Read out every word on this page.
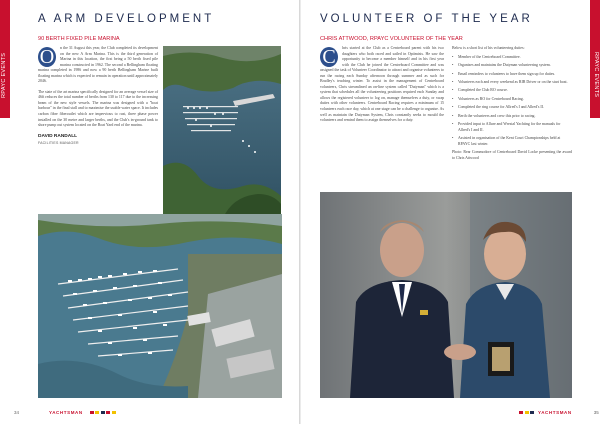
RPAYC EVENTS
A ARM DEVELOPMENT
90 BERTH FIXED PILE MARINA
O	n the 31 August this year, the Club completed its development on the new A Arm Marina. This is the third generation of Marina in this location, the first being a 50 berth fixed pile marina constructed in 1962. The second a Bellingham floating marina completed in 1986 and now a 90 berth Bellingham Marine built floating marina which is expected to remain in operation until approximately 2046.

The state of the art marina specifically designed for an average vessel size of 46ft reduces the total number of berths from 130 to 117 due to the increasing beam of the new style vessels. The marina was designed with a "boat harbour" in the final stall and to maximise the usable water space. It includes carbon fibre fiberoutlet which are impervious to rust, three phase power installed on the 30 metre and larger berths, and the Club's in-ground tank to shore pump out system located on the Boat Yard end of the marina.

DAVID RANDALL
FACILITIES MANAGER
34	YACHTSMAN
RPAYC EVENTS
VOLUNTEER OF THE YEAR
CHRIS ATTWOOD, RPAYC VOLUNTEER OF THE YEAR
C	hris started at the Club as a Centreboard parent with his two daughters who both raced and sailed in Optimists. He saw the opportunity to become a member himself and in his first year with the Club he joined the Centreboard Committee and was assigned the task of Volunteer Coordinator to attract and organise volunteers to run the racing each Sunday afternoon through summer and as such for Bradley's teaching winter. To assist in the management of Centreboard volunteers, Chris streamlined an on-line system called "Dutyman" which is a system that schedules all the volunteering positions required each Sunday and allows the registered volunteer to log on, manage themselves a duty, or swap duties with other volunteers. Centreboard Racing requires a minimum of 15 volunteers each race day, which at one stage can be a challenge to organise. As well as maintain the Dutyman System, Chris constantly seeks to mould the volunteers and remind them to assign themselves for a duty.

Below is a short list of his volunteering duties:
• Member of the Centreboard Committee.
• Organises and maintains the Dutyman volunteering system.
• Email reminders to volunteers to have them sign up for duties.
• Volunteers each and every weekend as RIB Driver or on the start boat.
• Completed the Club RO course.
• Volunteers as RO for Centreboard Racing.
• Completed the ring course for Allred's I and Allred's II.
• Berth the volunteers and crew this prior to racing.
• Provided input to Allure and Wrestal Yachting for the manuals for Allred's I and II.
• Assisted in organisation of the Kent Court Championships held at RPAYC last winter.
Photo: Rear Commodore of Centreboard David Locke presenting the award to Chris Attwood
YACHTSMAN	35
